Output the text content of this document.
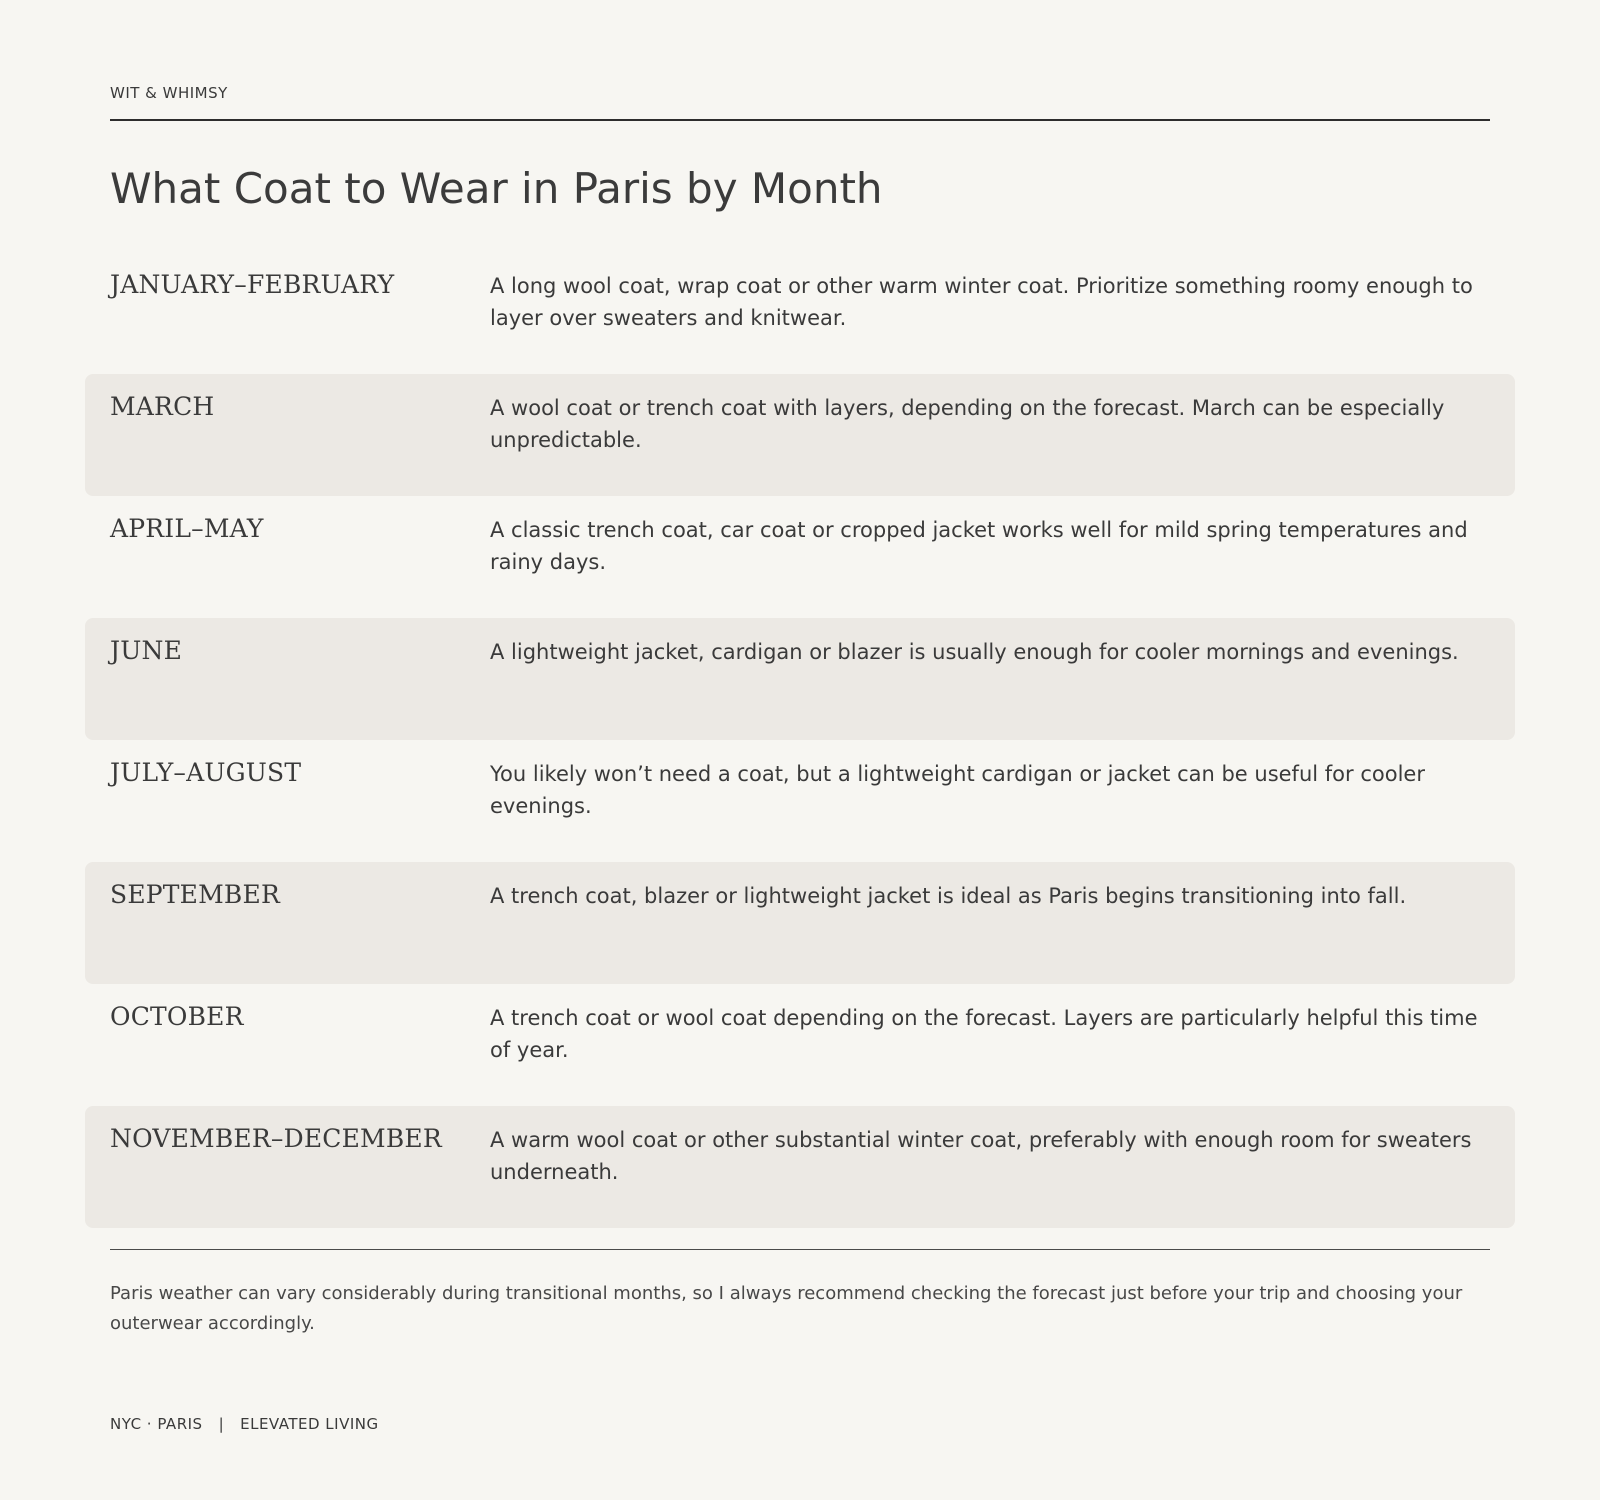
WIT & WHIMSY
What Coat to Wear in Paris by Month
JANUARY–FEBRUARY	A long wool coat, wrap coat or other warm winter coat. Prioritize something roomy enough to layer over sweaters and knitwear.
MARCH	A wool coat or trench coat with layers, depending on the forecast. March can be especially unpredictable.
APRIL–MAY	A classic trench coat, car coat or cropped jacket works well for mild spring temperatures and rainy days.
JUNE	A lightweight jacket, cardigan or blazer is usually enough for cooler mornings and evenings.
JULY–AUGUST	You likely won’t need a coat, but a lightweight cardigan or jacket can be useful for cooler evenings.
SEPTEMBER	A trench coat, blazer or lightweight jacket is ideal as Paris begins transitioning into fall.
OCTOBER	A trench coat or wool coat depending on the forecast. Layers are particularly helpful this time of year.
NOVEMBER–DECEMBER	A warm wool coat or other substantial winter coat, preferably with enough room for sweaters underneath.
Paris weather can vary considerably during transitional months, so I always recommend checking the forecast just before your trip and choosing your outerwear accordingly.
NYC · PARIS | ELEVATED LIVING
